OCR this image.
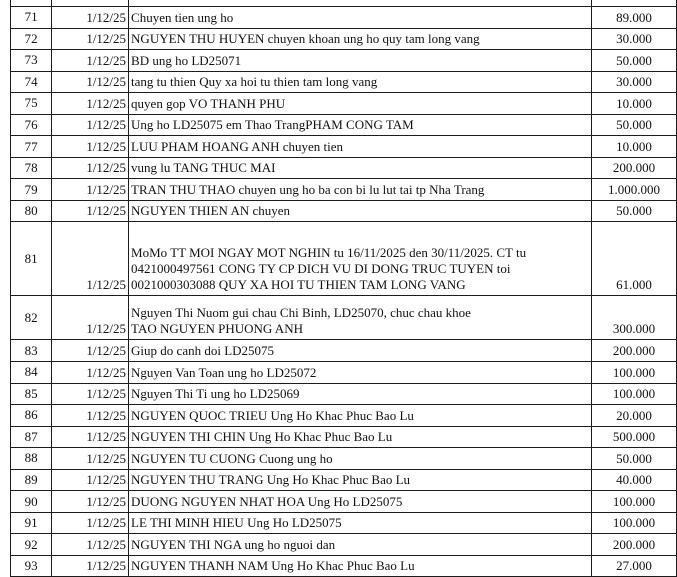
71	1/12/25	Chuyen tien ung ho	89.000
72	1/12/25	NGUYEN THU HUYEN chuyen khoan ung ho quy tam long vang	30.000
73	1/12/25	BD ung ho LD25071	50.000
74	1/12/25	tang tu thien Quy xa hoi tu thien tam long vang	30.000
75	1/12/25	quyen gop VO THANH PHU	10.000
76	1/12/25	Ung ho LD25075 em Thao TrangPHAM CONG TAM	50.000
77	1/12/25	LUU PHAM HOANG ANH chuyen tien	10.000
78	1/12/25	vung lu TANG THUC MAI	200.000
79	1/12/25	TRAN THU THAO chuyen ung ho ba con bi lu lut tai tp Nha Trang	1.000.000
80	1/12/25	NGUYEN THIEN AN chuyen	50.000
81	1/12/25	MoMo TT MOI NGAY MOT NGHIN tu 16/11/2025 den 30/11/2025. CT tu
0421000497561 CONG TY CP DICH VU DI DONG TRUC TUYEN toi
0021000303088 QUY XA HOI TU THIEN TAM LONG VANG	61.000
82	1/12/25	Nguyen Thi Nuom gui chau Chi Binh, LD25070, chuc chau khoe
TAO NGUYEN PHUONG ANH	300.000
83	1/12/25	Giup do canh doi LD25075	200.000
84	1/12/25	Nguyen Van Toan ung ho LD25072	100.000
85	1/12/25	Nguyen Thi Ti ung ho LD25069	100.000
86	1/12/25	NGUYEN QUOC TRIEU Ung Ho Khac Phuc Bao Lu	20.000
87	1/12/25	NGUYEN THI CHIN Ung Ho Khac Phuc Bao Lu	500.000
88	1/12/25	NGUYEN TU CUONG Cuong ung ho	50.000
89	1/12/25	NGUYEN THU TRANG Ung Ho Khac Phuc Bao Lu	40.000
90	1/12/25	DUONG NGUYEN NHAT HOA Ung Ho LD25075	100.000
91	1/12/25	LE THI MINH HIEU Ung Ho LD25075	100.000
92	1/12/25	NGUYEN THI NGA ung ho nguoi dan	200.000
93	1/12/25	NGUYEN THANH NAM Ung Ho Khac Phuc Bao Lu	27.000
